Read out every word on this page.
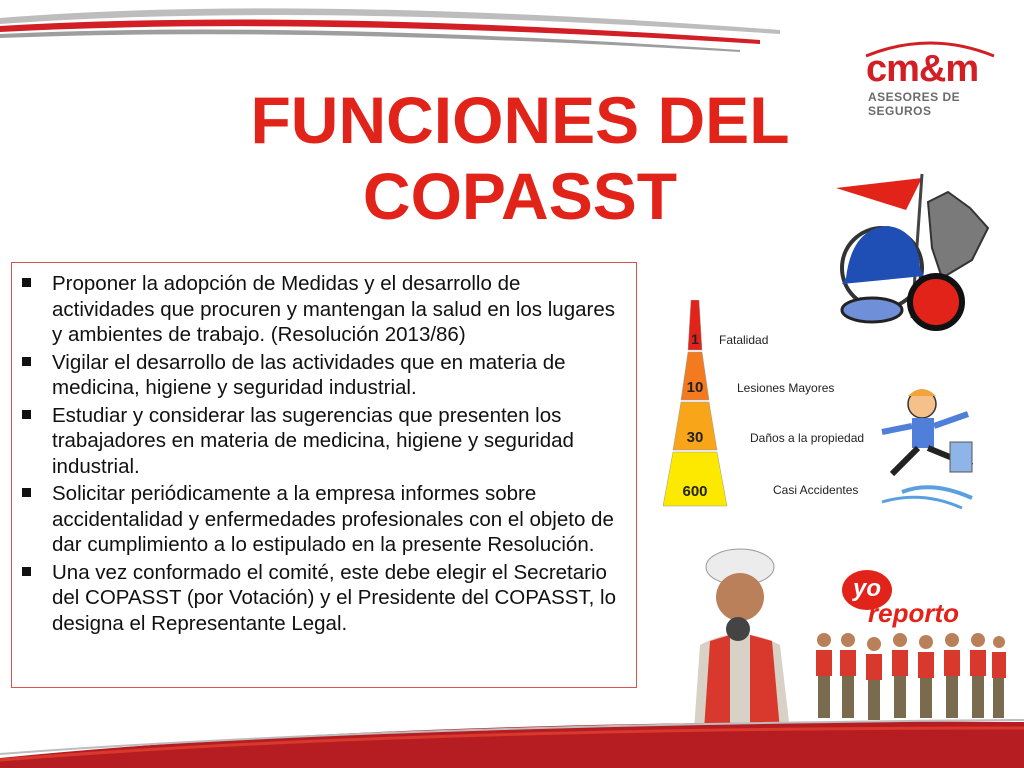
cm&m
ASESORES DE SEGUROS
FUNCIONES DEL
COPASST
Proponer la adopción de Medidas y el desarrollo de actividades que procuren y mantengan la salud en los lugares y ambientes de trabajo. (Resolución 2013/86)
Vigilar el desarrollo de las actividades que en materia de medicina, higiene y seguridad industrial.
Estudiar y considerar las sugerencias que presenten los trabajadores en materia de medicina, higiene y seguridad industrial.
Solicitar periódicamente a la empresa informes sobre accidentalidad y enfermedades profesionales con el objeto de dar cumplimiento a lo estipulado en la presente Resolución.
Una vez conformado el comité, este debe elegir el Secretario del COPASST (por Votación) y el Presidente del COPASST, lo designa el Representante Legal.
1
10
30
600
Fatalidad
Lesiones Mayores
Daños a la propiedad
Casi Accidentes
yo
reporto
